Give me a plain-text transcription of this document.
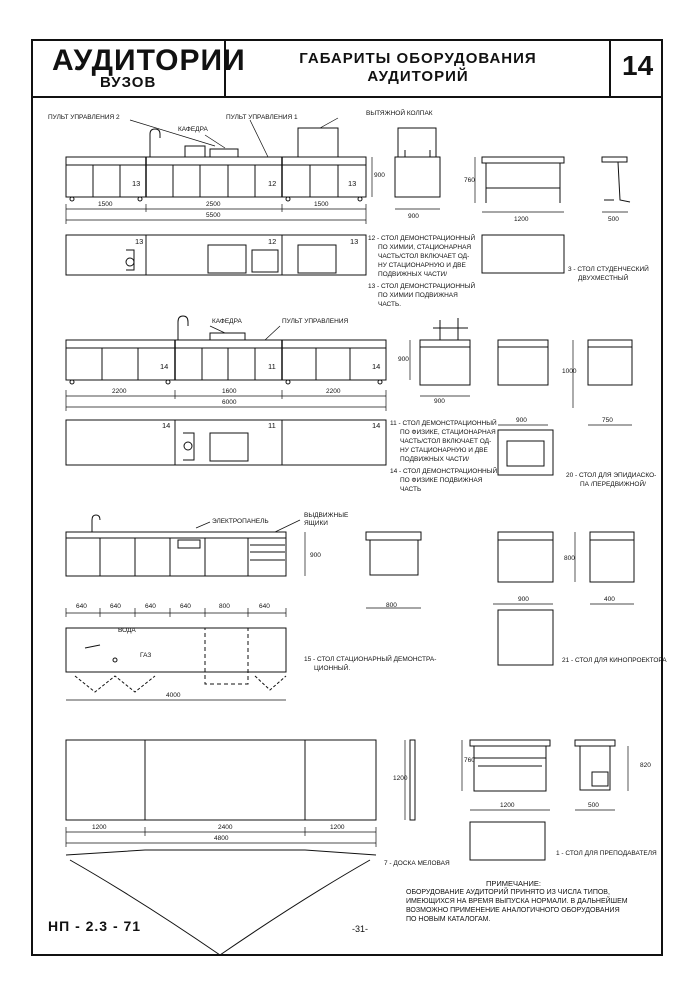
АУДИТОРИИ
ВУЗОВ
ГАБАРИТЫ ОБОРУДОВАНИЯ
АУДИТОРИЙ	14
ПУЛЬТ УПРАВЛЕНИЯ 2
КАФЕДРА
ПУЛЬТ УПРАВЛЕНИЯ 1
ВЫТЯЖНОЙ КОЛПАК
13	12	13
1500	2500	1500
5500
900
900
13	12	13 12 - СТОЛ ДЕМОНСТРАЦИОННЫЙ
ПО ХИМИИ, СТАЦИОНАРНАЯ
ЧАСТЬ/СТОЛ ВКЛЮЧАЕТ ОД-
НУ СТАЦИОНАРНУЮ И ДВЕ
ПОДВИЖНЫХ ЧАСТИ/
13 - СТОЛ ДЕМОНСТРАЦИОННЫЙ
ПО ХИМИИ ПОДВИЖНАЯ
ЧАСТЬ.
760
1200	500
3 - СТОЛ СТУДЕНЧЕСКИЙ
ДВУХМЕСТНЫЙ
КАФЕДРА	ПУЛЬТ УПРАВЛЕНИЯ
14	11	14
2200	1600	2200
6000
900
900
14	11	14 11 - СТОЛ ДЕМОНСТРАЦИОННЫЙ
ПО ФИЗИКЕ, СТАЦИОНАРНАЯ
ЧАСТЬ/СТОЛ ВКЛЮЧАЕТ ОД-
НУ СТАЦИОНАРНУЮ И ДВЕ
ПОДВИЖНЫХ ЧАСТИ/
14 - СТОЛ ДЕМОНСТРАЦИОННЫЙ
ПО ФИЗИКЕ ПОДВИЖНАЯ
ЧАСТЬ
1000
900	750
20 - СТОЛ ДЛЯ ЭПИДИАСКО-
ПА /ПЕРЕДВИЖНОЙ/
ЭЛЕКТРОПАНЕЛЬ
ВЫДВИЖНЫЕ
ЯЩИКИ
900
640	640	640	640	800	640	800
ВОДА
ГАЗ
4000
15 - СТОЛ СТАЦИОНАРНЫЙ ДЕМОНСТРА-
ЦИОННЫЙ.
800
900	400
21 - СТОЛ ДЛЯ КИНОПРОЕКТОРА
1200
1200	2400	1200
4800
7 - ДОСКА МЕЛОВАЯ
760
820
1200	500
1 - СТОЛ ДЛЯ ПРЕПОДАВАТЕЛЯ
ПРИМЕЧАНИЕ:
ОБОРУДОВАНИЕ АУДИТОРИЙ ПРИНЯТО ИЗ ЧИСЛА ТИПОВ,
ИМЕЮЩИХСЯ НА ВРЕМЯ ВЫПУСКА НОРМАЛИ. В ДАЛЬНЕЙШЕМ
ВОЗМОЖНО ПРИМЕНЕНИЕ АНАЛОГИЧНОГО ОБОРУДОВАНИЯ
ПО НОВЫМ КАТАЛОГАМ.
НП - 2.3 - 71	-31-
